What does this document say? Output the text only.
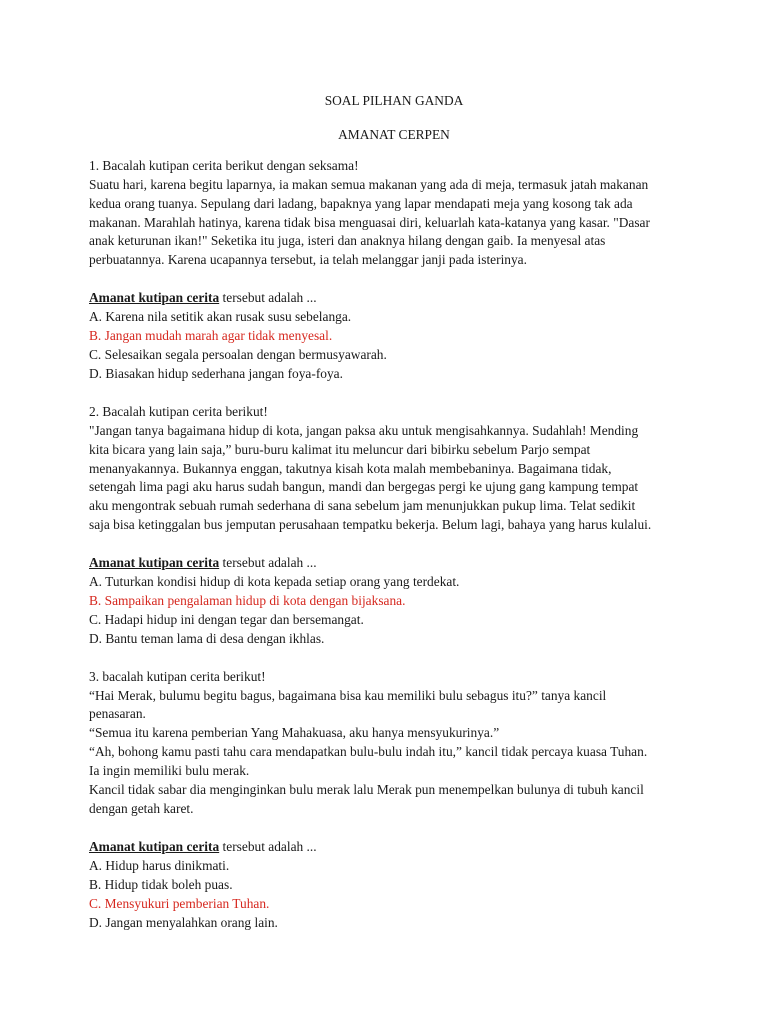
SOAL PILHAN GANDA

AMANAT CERPEN

1. Bacalah kutipan cerita berikut dengan seksama!
Suatu hari, karena begitu laparnya, ia makan semua makanan yang ada di meja, termasuk jatah makanan
kedua orang tuanya. Sepulang dari ladang, bapaknya yang lapar mendapati meja yang kosong tak ada
makanan. Marahlah hatinya, karena tidak bisa menguasai diri, keluarlah kata-katanya yang kasar. "Dasar
anak keturunan ikan!" Seketika itu juga, isteri dan anaknya hilang dengan gaib. Ia menyesal atas
perbuatannya. Karena ucapannya tersebut, ia telah melanggar janji pada isterinya.
Amanat kutipan cerita tersebut adalah ...
A. Karena nila setitik akan rusak susu sebelanga.
B. Jangan mudah marah agar tidak menyesal.
C. Selesaikan segala persoalan dengan bermusyawarah.
D. Biasakan hidup sederhana jangan foya-foya.
2. Bacalah kutipan cerita berikut!
"Jangan tanya bagaimana hidup di kota, jangan paksa aku untuk mengisahkannya. Sudahlah! Mending
kita bicara yang lain saja,” buru-buru kalimat itu meluncur dari bibirku sebelum Parjo sempat
menanyakannya. Bukannya enggan, takutnya kisah kota malah membebaninya. Bagaimana tidak,
setengah lima pagi aku harus sudah bangun, mandi dan bergegas pergi ke ujung gang kampung tempat
aku mengontrak sebuah rumah sederhana di sana sebelum jam menunjukkan pukup lima. Telat sedikit
saja bisa ketinggalan bus jemputan perusahaan tempatku bekerja. Belum lagi, bahaya yang harus kulalui.
Amanat kutipan cerita tersebut adalah ...
A. Tuturkan kondisi hidup di kota kepada setiap orang yang terdekat.
B. Sampaikan pengalaman hidup di kota dengan bijaksana.
C. Hadapi hidup ini dengan tegar dan bersemangat.
D. Bantu teman lama di desa dengan ikhlas.
3. bacalah kutipan cerita berikut!
“Hai Merak, bulumu begitu bagus, bagaimana bisa kau memiliki bulu sebagus itu?” tanya kancil
penasaran.
“Semua itu karena pemberian Yang Mahakuasa, aku hanya mensyukurinya.”
“Ah, bohong kamu pasti tahu cara mendapatkan bulu-bulu indah itu,” kancil tidak percaya kuasa Tuhan.
Ia ingin memiliki bulu merak.
Kancil tidak sabar dia menginginkan bulu merak lalu Merak pun menempelkan bulunya di tubuh kancil
dengan getah karet.
Amanat kutipan cerita tersebut adalah ...
A. Hidup harus dinikmati.
B. Hidup tidak boleh puas.
C. Mensyukuri pemberian Tuhan.
D. Jangan menyalahkan orang lain.
